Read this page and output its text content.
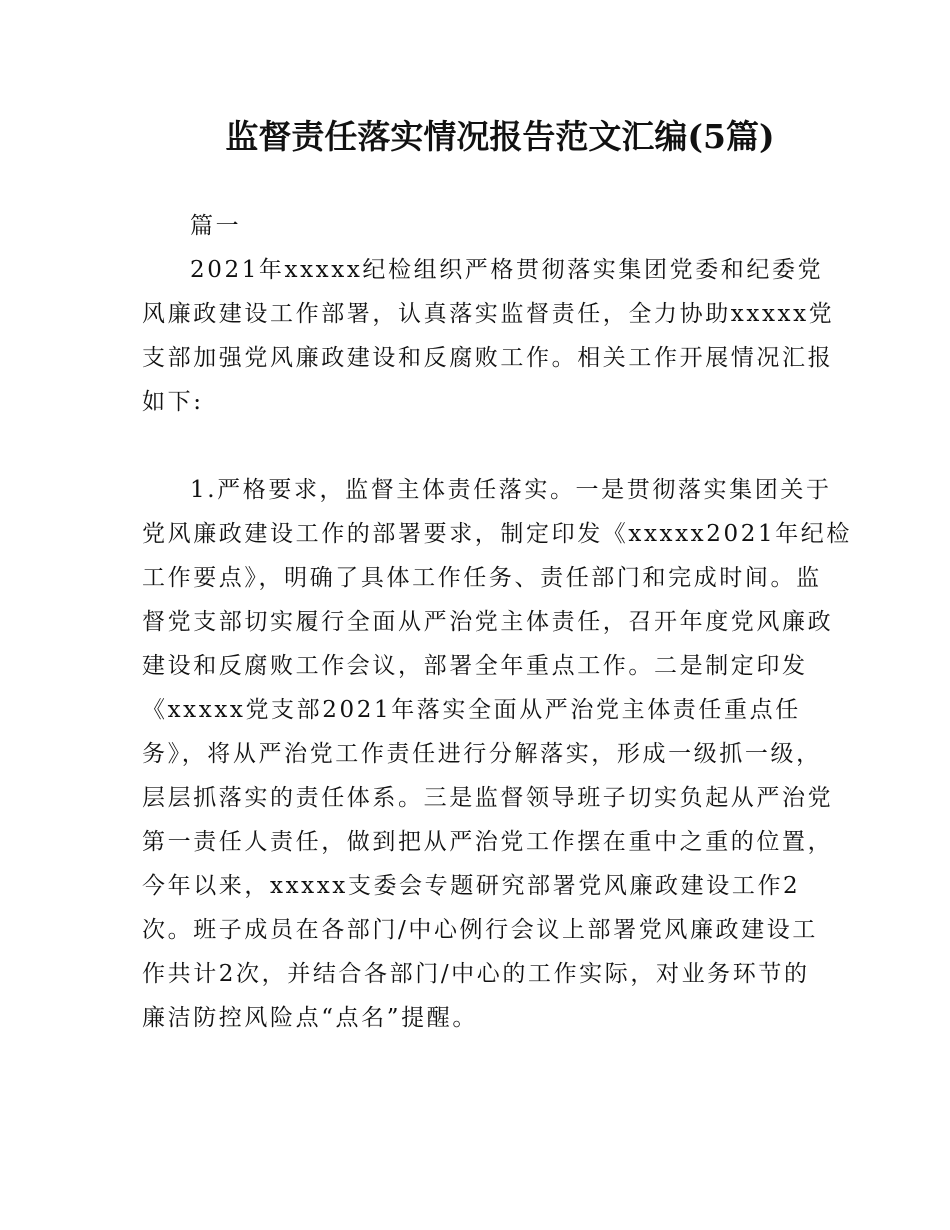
监督责任落实情况报告范文汇编(5篇)
篇一
2021年xxxxx纪检组织严格贯彻落实集团党委和纪委党
风廉政建设工作部署，认真落实监督责任，全力协助xxxxx党
支部加强党风廉政建设和反腐败工作。相关工作开展情况汇报
如下:
1.严格要求，监督主体责任落实。一是贯彻落实集团关于
党风廉政建设工作的部署要求，制定印发《xxxxx2021年纪检
工作要点》，明确了具体工作任务、责任部门和完成时间。监
督党支部切实履行全面从严治党主体责任，召开年度党风廉政
建设和反腐败工作会议，部署全年重点工作。二是制定印发
《xxxxx党支部2021年落实全面从严治党主体责任重点任
务》，将从严治党工作责任进行分解落实，形成一级抓一级，
层层抓落实的责任体系。三是监督领导班子切实负起从严治党
第一责任人责任，做到把从严治党工作摆在重中之重的位置，
今年以来，xxxxx支委会专题研究部署党风廉政建设工作2
次。班子成员在各部门/中心例行会议上部署党风廉政建设工
作共计2次，并结合各部门/中心的工作实际，对业务环节的
廉洁防控风险点“点名”提醒。
